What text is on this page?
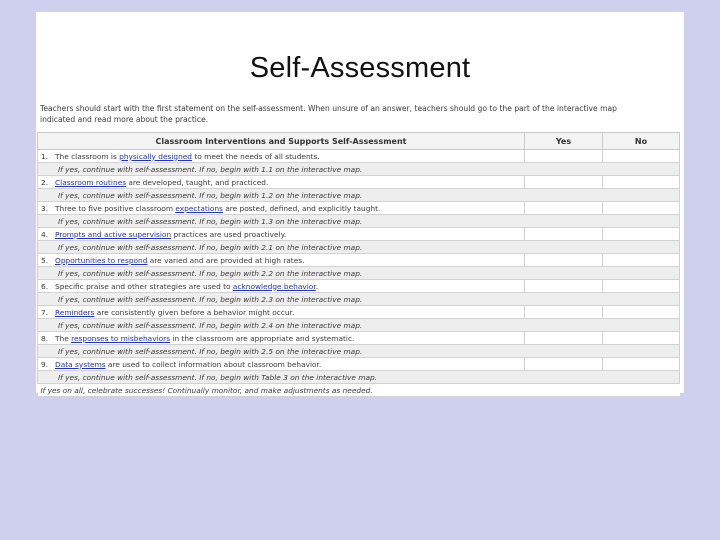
Self-Assessment
Teachers should start with the first statement on the self-assessment. When unsure of an answer, teachers should go to the part of the interactive map
indicated and read more about the practice.
Classroom Interventions and Supports Self-Assessment	Yes	No
1. The classroom is physically designed to meet the needs of all students.		
If yes, continue with self-assessment. If no, begin with 1.1 on the interactive map.		
2. Classroom routines are developed, taught, and practiced.		
If yes, continue with self-assessment. If no, begin with 1.2 on the interactive map.		
3. Three to five positive classroom expectations are posted, defined, and explicitly taught.		
If yes, continue with self-assessment. If no, begin with 1.3 on the interactive map.		
4. Prompts and active supervision practices are used proactively.		
If yes, continue with self-assessment. If no, begin with 2.1 on the interactive map.		
5. Opportunities to respond are varied and are provided at high rates.		
If yes, continue with self-assessment. If no, begin with 2.2 on the interactive map.		
6. Specific praise and other strategies are used to acknowledge behavior.		
If yes, continue with self-assessment. If no, begin with 2.3 on the interactive map.		
7. Reminders are consistently given before a behavior might occur.		
If yes, continue with self-assessment. If no, begin with 2.4 on the interactive map.		
8. The responses to misbehaviors in the classroom are appropriate and systematic.		
If yes, continue with self-assessment. If no, begin with 2.5 on the interactive map.		
9. Data systems are used to collect information about classroom behavior.		
If yes, continue with self-assessment. If no, begin with Table 3 on the interactive map.		
If yes on all, celebrate successes! Continually monitor, and make adjustments as needed.		
